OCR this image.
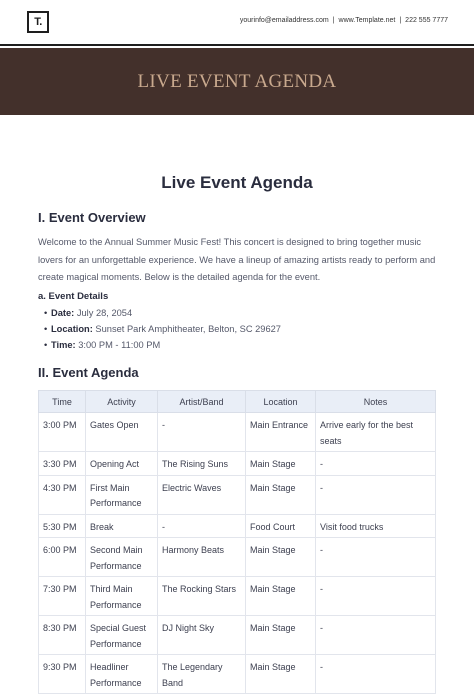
T.	yourinfo@emailaddress.com | www.Template.net | 222 555 7777
LIVE EVENT AGENDA
Live Event Agenda
I. Event Overview
Welcome to the Annual Summer Music Fest! This concert is designed to bring together music lovers for an unforgettable experience. We have a lineup of amazing artists ready to perform and create magical moments. Below is the detailed agenda for the event.
a. Event Details
• Date: July 28, 2054
• Location: Sunset Park Amphitheater, Belton, SC 29627
• Time: 3:00 PM - 11:00 PM
II. Event Agenda
Time	Activity	Artist/Band	Location	Notes
3:00 PM	Gates Open	-	Main Entrance	Arrive early for the best seats
3:30 PM	Opening Act	The Rising Suns	Main Stage	-
4:30 PM	First Main Performance	Electric Waves	Main Stage	-
5:30 PM	Break	-	Food Court	Visit food trucks
6:00 PM	Second Main Performance	Harmony Beats	Main Stage	-
7:30 PM	Third Main Performance	The Rocking Stars	Main Stage	-
8:30 PM	Special Guest Performance	DJ Night Sky	Main Stage	-
9:30 PM	Headliner Performance	The Legendary Band	Main Stage	-
